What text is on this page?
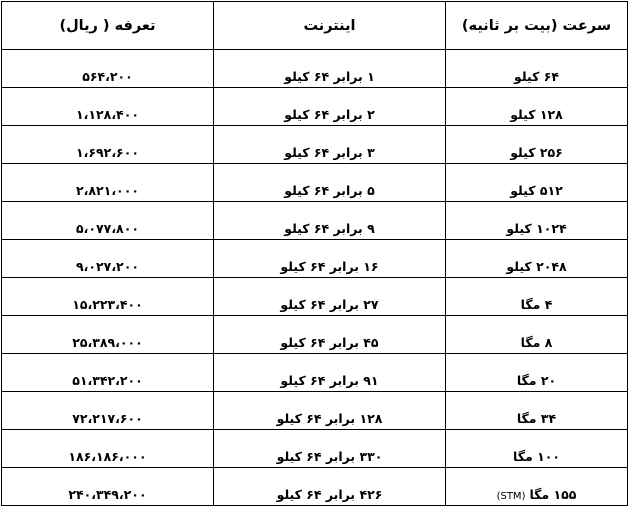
سرعت (بیت بر ثانیه)	اینترنت	تعرفه ( ریال)
۶۴ کیلو	۱ برابر ۶۴ کیلو	۵۶۴،۲۰۰
۱۲۸ کیلو	۲ برابر ۶۴ کیلو	۱،۱۲۸،۴۰۰
۲۵۶ کیلو	۳ برابر ۶۴ کیلو	۱،۶۹۲،۶۰۰
۵۱۲ کیلو	۵ برابر ۶۴ کیلو	۲،۸۲۱،۰۰۰
۱۰۲۴ کیلو	۹ برابر ۶۴ کیلو	۵،۰۷۷،۸۰۰
۲۰۴۸ کیلو	۱۶ برابر ۶۴ کیلو	۹،۰۲۷،۲۰۰
۴ مگا	۲۷ برابر ۶۴ کیلو	۱۵،۲۲۳،۴۰۰
۸ مگا	۴۵ برابر ۶۴ کیلو	۲۵،۳۸۹،۰۰۰
۲۰ مگا	۹۱ برابر ۶۴ کیلو	۵۱،۳۴۲،۲۰۰
۳۴ مگا	۱۲۸ برابر ۶۴ کیلو	۷۲،۲۱۷،۶۰۰
۱۰۰ مگا	۳۳۰ برابر ۶۴ کیلو	۱۸۶،۱۸۶،۰۰۰
۱۵۵ مگا(STM)	۴۲۶ برابر ۶۴ کیلو	۲۴۰،۳۴۹،۲۰۰
